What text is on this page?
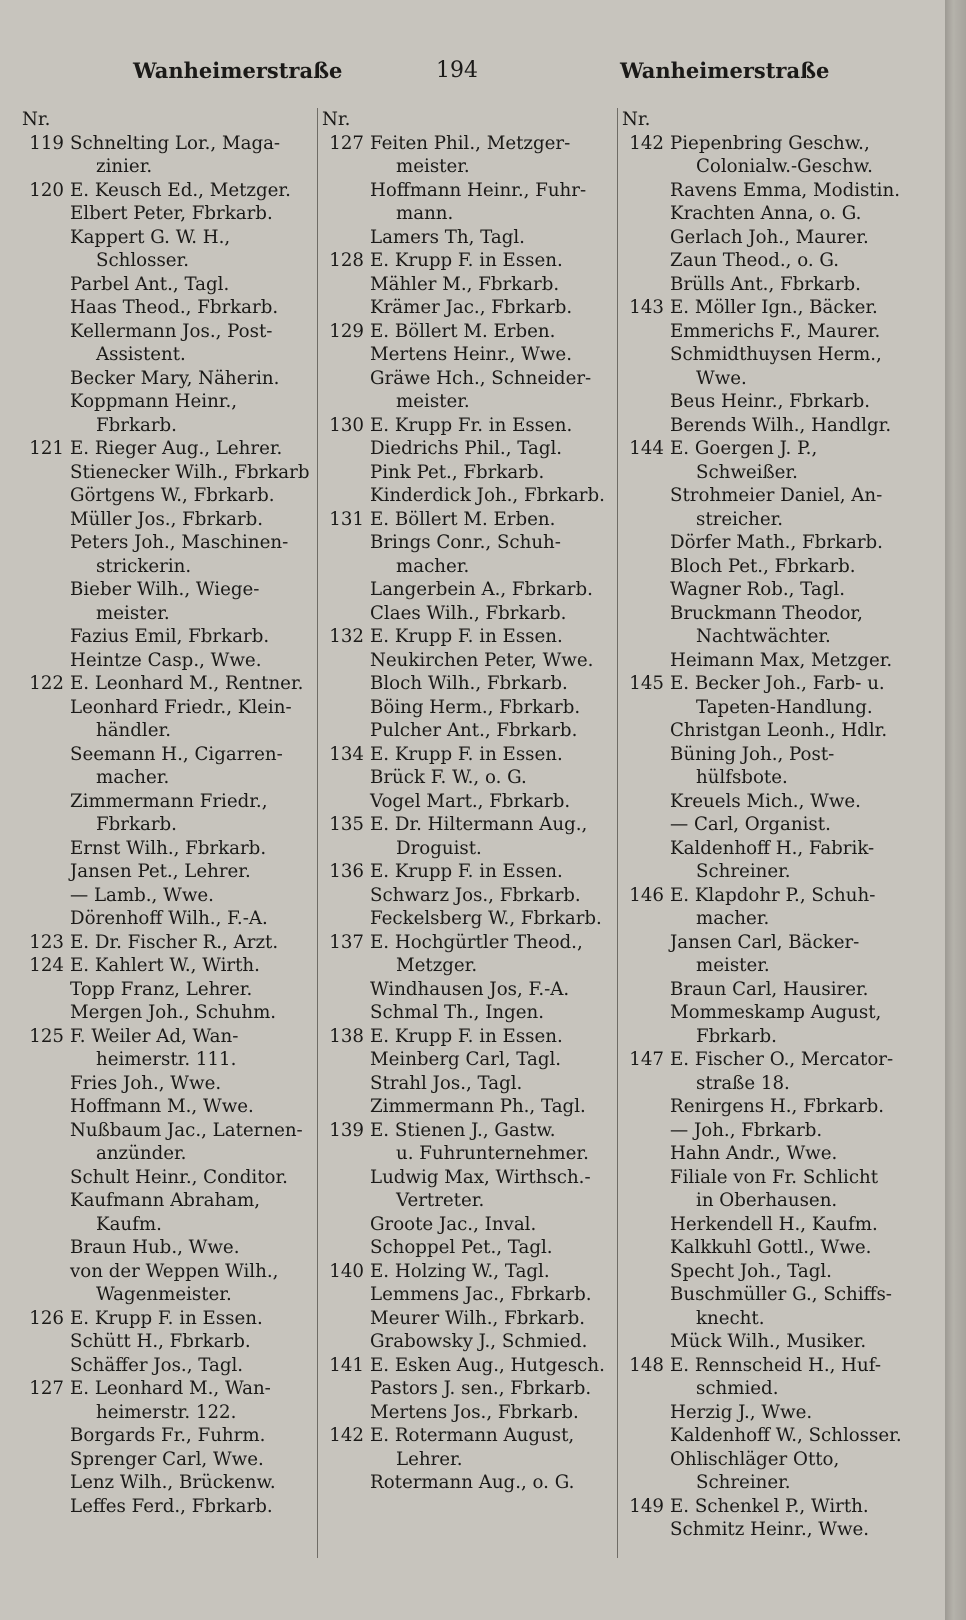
Wanheimerstraße	194	Wanheimerstraße
Nr.
119 Schnelting Lor., Maga-
zinier.
120 E. Keusch Ed., Metzger.
Elbert Peter, Fbrkarb.
Kappert G. W. H.,
Schlosser.
Parbel Ant., Tagl.
Haas Theod., Fbrkarb.
Kellermann Jos., Post-
Assistent.
Becker Mary, Näherin.
Koppmann Heinr.,
Fbrkarb.
121 E. Rieger Aug., Lehrer.
Stienecker Wilh., Fbrkarb
Görtgens W., Fbrkarb.
Müller Jos., Fbrkarb.
Peters Joh., Maschinen-
strickerin.
Bieber Wilh., Wiege-
meister.
Fazius Emil, Fbrkarb.
Heintze Casp., Wwe.
122 E. Leonhard M., Rentner.
Leonhard Friedr., Klein-
händler.
Seemann H., Cigarren-
macher.
Zimmermann Friedr.,
Fbrkarb.
Ernst Wilh., Fbrkarb.
Jansen Pet., Lehrer.
— Lamb., Wwe.
Dörenhoff Wilh., F.-A.
123 E. Dr. Fischer R., Arzt.
124 E. Kahlert W., Wirth.
Topp Franz, Lehrer.
Mergen Joh., Schuhm.
125 F. Weiler Ad, Wan-
heimerstr. 111.
Fries Joh., Wwe.
Hoffmann M., Wwe.
Nußbaum Jac., Laternen-
anzünder.
Schult Heinr., Conditor.
Kaufmann Abraham,
Kaufm.
Braun Hub., Wwe.
von der Weppen Wilh.,
Wagenmeister.
126 E. Krupp F. in Essen.
Schütt H., Fbrkarb.
Schäffer Jos., Tagl.
127 E. Leonhard M., Wan-
heimerstr. 122.
Borgards Fr., Fuhrm.
Sprenger Carl, Wwe.
Lenz Wilh., Brückenw.
Leffes Ferd., Fbrkarb.
Nr.
127 Feiten Phil., Metzger-
meister.
Hoffmann Heinr., Fuhr-
mann.
Lamers Th, Tagl.
128 E. Krupp F. in Essen.
Mähler M., Fbrkarb.
Krämer Jac., Fbrkarb.
129 E. Böllert M. Erben.
Mertens Heinr., Wwe.
Gräwe Hch., Schneider-
meister.
130 E. Krupp Fr. in Essen.
Diedrichs Phil., Tagl.
Pink Pet., Fbrkarb.
Kinderdick Joh., Fbrkarb.
131 E. Böllert M. Erben.
Brings Conr., Schuh-
macher.
Langerbein A., Fbrkarb.
Claes Wilh., Fbrkarb.
132 E. Krupp F. in Essen.
Neukirchen Peter, Wwe.
Bloch Wilh., Fbrkarb.
Böing Herm., Fbrkarb.
Pulcher Ant., Fbrkarb.
134 E. Krupp F. in Essen.
Brück F. W., o. G.
Vogel Mart., Fbrkarb.
135 E. Dr. Hiltermann Aug.,
Droguist.
136 E. Krupp F. in Essen.
Schwarz Jos., Fbrkarb.
Feckelsberg W., Fbrkarb.
137 E. Hochgürtler Theod.,
Metzger.
Windhausen Jos, F.-A.
Schmal Th., Ingen.
138 E. Krupp F. in Essen.
Meinberg Carl, Tagl.
Strahl Jos., Tagl.
Zimmermann Ph., Tagl.
139 E. Stienen J., Gastw.
u. Fuhrunternehmer.
Ludwig Max, Wirthsch.-
Vertreter.
Groote Jac., Inval.
Schoppel Pet., Tagl.
140 E. Holzing W., Tagl.
Lemmens Jac., Fbrkarb.
Meurer Wilh., Fbrkarb.
Grabowsky J., Schmied.
141 E. Esken Aug., Hutgesch.
Pastors J. sen., Fbrkarb.
Mertens Jos., Fbrkarb.
142 E. Rotermann August,
Lehrer.
Rotermann Aug., o. G.
Nr.
142 Piepenbring Geschw.,
Colonialw.-Geschw.
Ravens Emma, Modistin.
Krachten Anna, o. G.
Gerlach Joh., Maurer.
Zaun Theod., o. G.
Brülls Ant., Fbrkarb.
143 E. Möller Ign., Bäcker.
Emmerichs F., Maurer.
Schmidthuysen Herm.,
Wwe.
Beus Heinr., Fbrkarb.
Berends Wilh., Handlgr.
144 E. Goergen J. P.,
Schweißer.
Strohmeier Daniel, An-
streicher.
Dörfer Math., Fbrkarb.
Bloch Pet., Fbrkarb.
Wagner Rob., Tagl.
Bruckmann Theodor,
Nachtwächter.
Heimann Max, Metzger.
145 E. Becker Joh., Farb- u.
Tapeten-Handlung.
Christgan Leonh., Hdlr.
Büning Joh., Post-
hülfsbote.
Kreuels Mich., Wwe.
— Carl, Organist.
Kaldenhoff H., Fabrik-
Schreiner.
146 E. Klapdohr P., Schuh-
macher.
Jansen Carl, Bäcker-
meister.
Braun Carl, Hausirer.
Mommeskamp August,
Fbrkarb.
147 E. Fischer O., Mercator-
straße 18.
Renirgens H., Fbrkarb.
— Joh., Fbrkarb.
Hahn Andr., Wwe.
Filiale von Fr. Schlicht
in Oberhausen.
Herkendell H., Kaufm.
Kalkkuhl Gottl., Wwe.
Specht Joh., Tagl.
Buschmüller G., Schiffs-
knecht.
Mück Wilh., Musiker.
148 E. Rennscheid H., Huf-
schmied.
Herzig J., Wwe.
Kaldenhoff W., Schlosser.
Ohlischläger Otto,
Schreiner.
149 E. Schenkel P., Wirth.
Schmitz Heinr., Wwe.
